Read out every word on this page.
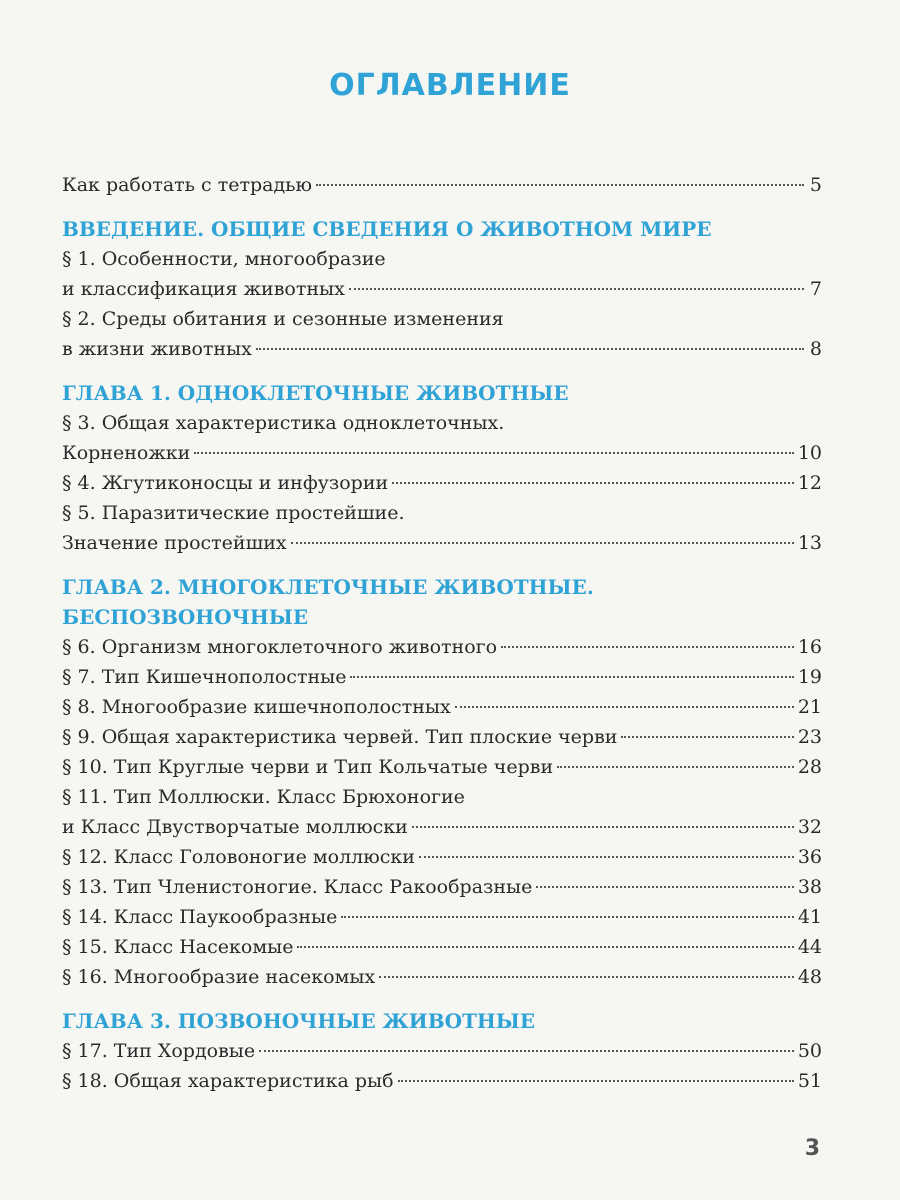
ОГЛАВЛЕНИЕ
Как работать с тетрадью	5
ВВЕДЕНИЕ. ОБЩИЕ СВЕДЕНИЯ О ЖИВОТНОМ МИРЕ
§ 1. Особенности, многообразие
и классификация животных	7
§ 2. Среды обитания и сезонные изменения
в жизни животных	8
ГЛАВА 1. ОДНОКЛЕТОЧНЫЕ ЖИВОТНЫЕ
§ 3. Общая характеристика одноклеточных.
Корненожки	10
§ 4. Жгутиконосцы и инфузории	12
§ 5. Паразитические простейшие.
Значение простейших	13
ГЛАВА 2. МНОГОКЛЕТОЧНЫЕ ЖИВОТНЫЕ.
БЕСПОЗВОНОЧНЫЕ
§ 6. Организм многоклеточного животного	16
§ 7. Тип Кишечнополостные	19
§ 8. Многообразие кишечнополостных	21
§ 9. Общая характеристика червей. Тип плоские черви	23
§ 10. Тип Круглые черви и Тип Кольчатые черви	28
§ 11. Тип Моллюски. Класс Брюхоногие
и Класс Двустворчатые моллюски	32
§ 12. Класс Головоногие моллюски	36
§ 13. Тип Членистоногие. Класс Ракообразные	38
§ 14. Класс Паукообразные	41
§ 15. Класс Насекомые	44
§ 16. Многообразие насекомых	48
ГЛАВА 3. ПОЗВОНОЧНЫЕ ЖИВОТНЫЕ
§ 17. Тип Хордовые	50
§ 18. Общая характеристика рыб	51
3
